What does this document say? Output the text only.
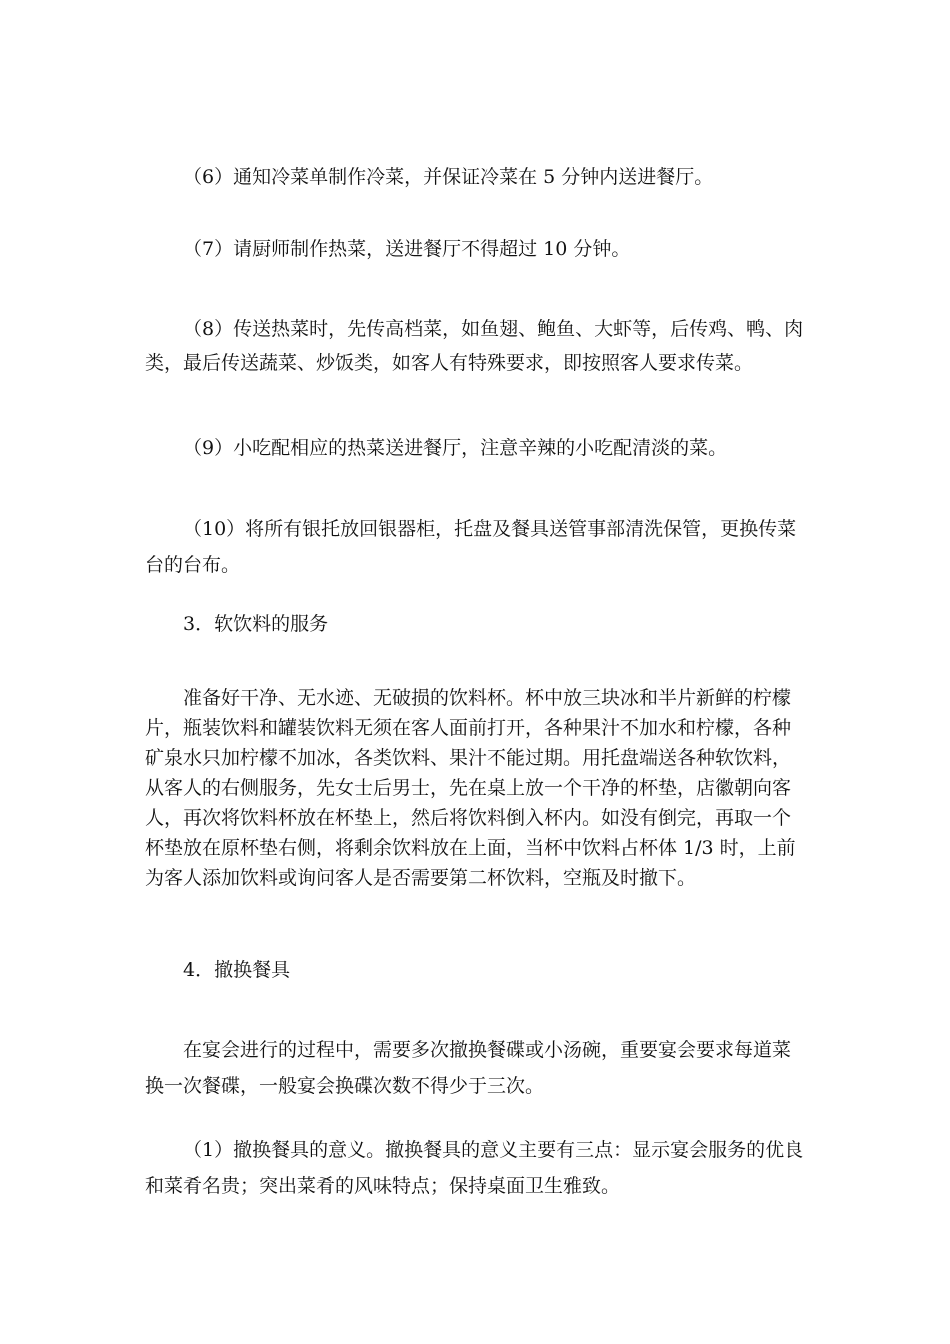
（6）通知冷菜单制作冷菜，并保证冷菜在 5 分钟内送进餐厅。

（7）请厨师制作热菜，送进餐厅不得超过 10 分钟。

（8）传送热菜时，先传高档菜，如鱼翅、鲍鱼、大虾等，后传鸡、鸭、肉类，最后传送蔬菜、炒饭类，如客人有特殊要求，即按照客人要求传菜。

（9）小吃配相应的热菜送进餐厅，注意辛辣的小吃配清淡的菜。

（10）将所有银托放回银器柜，托盘及餐具送管事部清洗保管，更换传菜台的台布。

3．软饮料的服务

准备好干净、无水迹、无破损的饮料杯。杯中放三块冰和半片新鲜的柠檬片，瓶装饮料和罐装饮料无须在客人面前打开，各种果汁不加水和柠檬，各种矿泉水只加柠檬不加冰，各类饮料、果汁不能过期。用托盘端送各种软饮料，从客人的右侧服务，先女士后男士，先在桌上放一个干净的杯垫，店徽朝向客人，再次将饮料杯放在杯垫上，然后将饮料倒入杯内。如没有倒完，再取一个杯垫放在原杯垫右侧，将剩余饮料放在上面，当杯中饮料占杯体 1/3 时，上前为客人添加饮料或询问客人是否需要第二杯饮料，空瓶及时撤下。

4．撤换餐具

在宴会进行的过程中，需要多次撤换餐碟或小汤碗，重要宴会要求每道菜换一次餐碟，一般宴会换碟次数不得少于三次。

（1）撤换餐具的意义。撤换餐具的意义主要有三点：显示宴会服务的优良和菜肴名贵；突出菜肴的风味特点；保持桌面卫生雅致。
